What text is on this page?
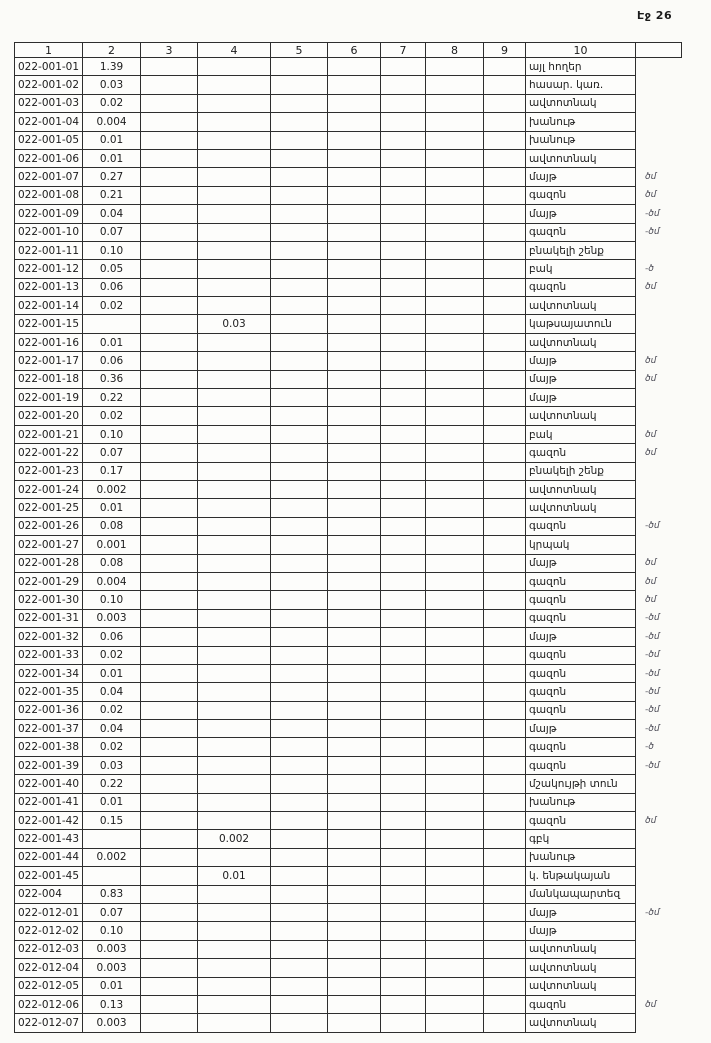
Էջ 26
1	2	3	4	5	6	7	8	9	10	
022-001-01	1.39								այլ հողեր	
022-001-02	0.03								հասար. կառ.	
022-001-03	0.02								ավտոտնակ	
022-001-04	0.004								խանութ	
022-001-05	0.01								խանութ	
022-001-06	0.01								ավտոտնակ	
022-001-07	0.27								մայթ	ծմ
022-001-08	0.21								գազոն	ծմ
022-001-09	0.04								մայթ	-ծմ
022-001-10	0.07								գազոն	-ծմ
022-001-11	0.10								բնակելի շենք	
022-001-12	0.05								բակ	-ծ
022-001-13	0.06								գազոն	ծմ
022-001-14	0.02								ավտոտնակ	
022-001-15			0.03						կաթսայատուն	
022-001-16	0.01								ավտոտնակ	
022-001-17	0.06								մայթ	ծմ
022-001-18	0.36								մայթ	ծմ
022-001-19	0.22								մայթ	
022-001-20	0.02								ավտոտնակ	
022-001-21	0.10								բակ	ծմ
022-001-22	0.07								գազոն	ծմ
022-001-23	0.17								բնակելի շենք	
022-001-24	0.002								ավտոտնակ	
022-001-25	0.01								ավտոտնակ	
022-001-26	0.08								գազոն	-ծմ
022-001-27	0.001								կրպակ	
022-001-28	0.08								մայթ	ծմ
022-001-29	0.004								գազոն	ծմ
022-001-30	0.10								գազոն	ծմ
022-001-31	0.003								գազոն	-ծմ
022-001-32	0.06								մայթ	-ծմ
022-001-33	0.02								գազոն	-ծմ
022-001-34	0.01								գազոն	-ծմ
022-001-35	0.04								գազոն	-ծմ
022-001-36	0.02								գազոն	-ծմ
022-001-37	0.04								մայթ	-ծմ
022-001-38	0.02								գազոն	-ծ
022-001-39	0.03								գազոն	-ծմ
022-001-40	0.22								մշակույթի տուն	
022-001-41	0.01								խանութ	
022-001-42	0.15								գազոն	ծմ
022-001-43			0.002						գբկ	
022-001-44	0.002								խանութ	
022-001-45			0.01						կ. ենթակայան	
022-004	0.83								մանկապարտեզ	
022-012-01	0.07								մայթ	-ծմ
022-012-02	0.10								մայթ	
022-012-03	0.003								ավտոտնակ	
022-012-04	0.003								ավտոտնակ	
022-012-05	0.01								ավտոտնակ	
022-012-06	0.13								գազոն	ծմ
022-012-07	0.003								ավտոտնակ	
